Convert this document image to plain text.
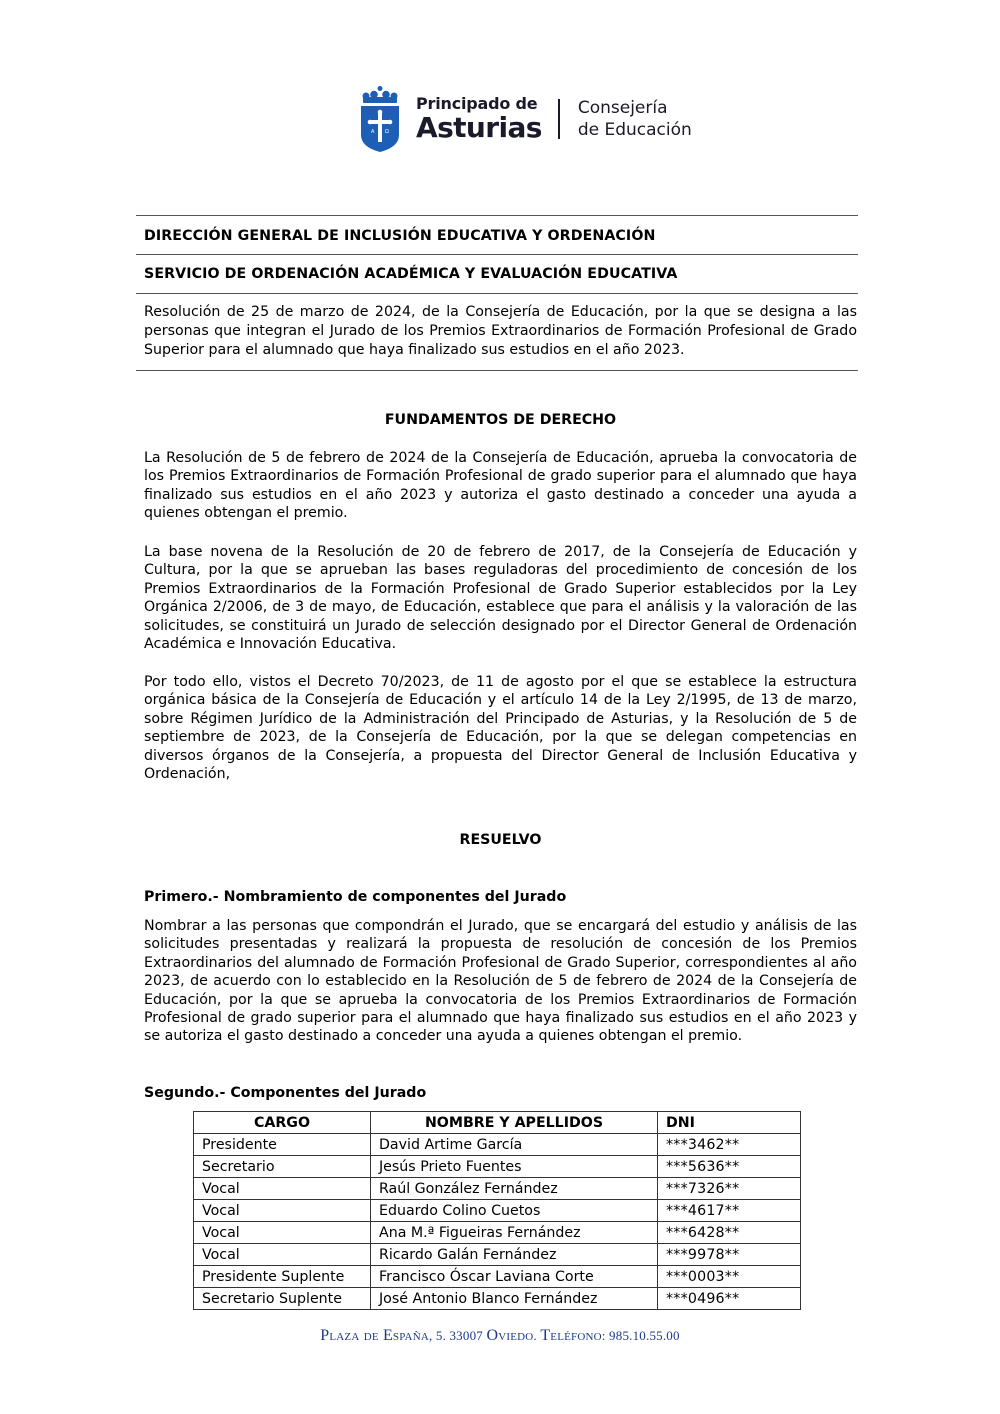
A Ω
Principado de
Asturias
Consejería
de Educación
DIRECCIÓN GENERAL DE INCLUSIÓN EDUCATIVA Y ORDENACIÓN
SERVICIO DE ORDENACIÓN ACADÉMICA Y EVALUACIÓN EDUCATIVA
Resolución de 25 de marzo de 2024, de la Consejería de Educación, por la que se designa a las personas que integran el Jurado de los Premios Extraordinarios de Formación Profesional de Grado Superior para el alumnado que haya finalizado sus estudios en el año 2023.
FUNDAMENTOS DE DERECHO
La Resolución de 5 de febrero de 2024 de la Consejería de Educación, aprueba la convocatoria de los Premios Extraordinarios de Formación Profesional de grado superior para el alumnado que haya finalizado sus estudios en el año 2023 y autoriza el gasto destinado a conceder una ayuda a quienes obtengan el premio.
La base novena de la Resolución de 20 de febrero de 2017, de la Consejería de Educación y Cultura, por la que se aprueban las bases reguladoras del procedimiento de concesión de los Premios Extraordinarios de la Formación Profesional de Grado Superior establecidos por la Ley Orgánica 2/2006, de 3 de mayo, de Educación, establece que para el análisis y la valoración de las solicitudes, se constituirá un Jurado de selección designado por el Director General de Ordenación Académica e Innovación Educativa.
Por todo ello, vistos el Decreto 70/2023, de 11 de agosto por el que se establece la estructura orgánica básica de la Consejería de Educación y el artículo 14 de la Ley 2/1995, de 13 de marzo, sobre Régimen Jurídico de la Administración del Principado de Asturias, y la Resolución de 5 de septiembre de 2023, de la Consejería de Educación, por la que se delegan competencias en diversos órganos de la Consejería, a propuesta del Director General de Inclusión Educativa y Ordenación,
RESUELVO
Primero.- Nombramiento de componentes del Jurado
Nombrar a las personas que compondrán el Jurado, que se encargará del estudio y análisis de las solicitudes presentadas y realizará la propuesta de resolución de concesión de los Premios Extraordinarios del alumnado de Formación Profesional de Grado Superior, correspondientes al año 2023, de acuerdo con lo establecido en la Resolución de 5 de febrero de 2024 de la Consejería de Educación, por la que se aprueba la convocatoria de los Premios Extraordinarios de Formación Profesional de grado superior para el alumnado que haya finalizado sus estudios en el año 2023 y se autoriza el gasto destinado a conceder una ayuda a quienes obtengan el premio.
Segundo.- Componentes del Jurado
CARGO	NOMBRE Y APELLIDOS	DNI
Presidente	David Artime García	***3462**
Secretario	Jesús Prieto Fuentes	***5636**
Vocal	Raúl González Fernández	***7326**
Vocal	Eduardo Colino Cuetos	***4617**
Vocal	Ana M.ª Figueiras Fernández	***6428**
Vocal	Ricardo Galán Fernández	***9978**
Presidente Suplente	Francisco Óscar Laviana Corte	***0003**
Secretario Suplente	José Antonio Blanco Fernández	***0496**
Plaza de España, 5. 33007 Oviedo. Teléfono: 985.10.55.00
